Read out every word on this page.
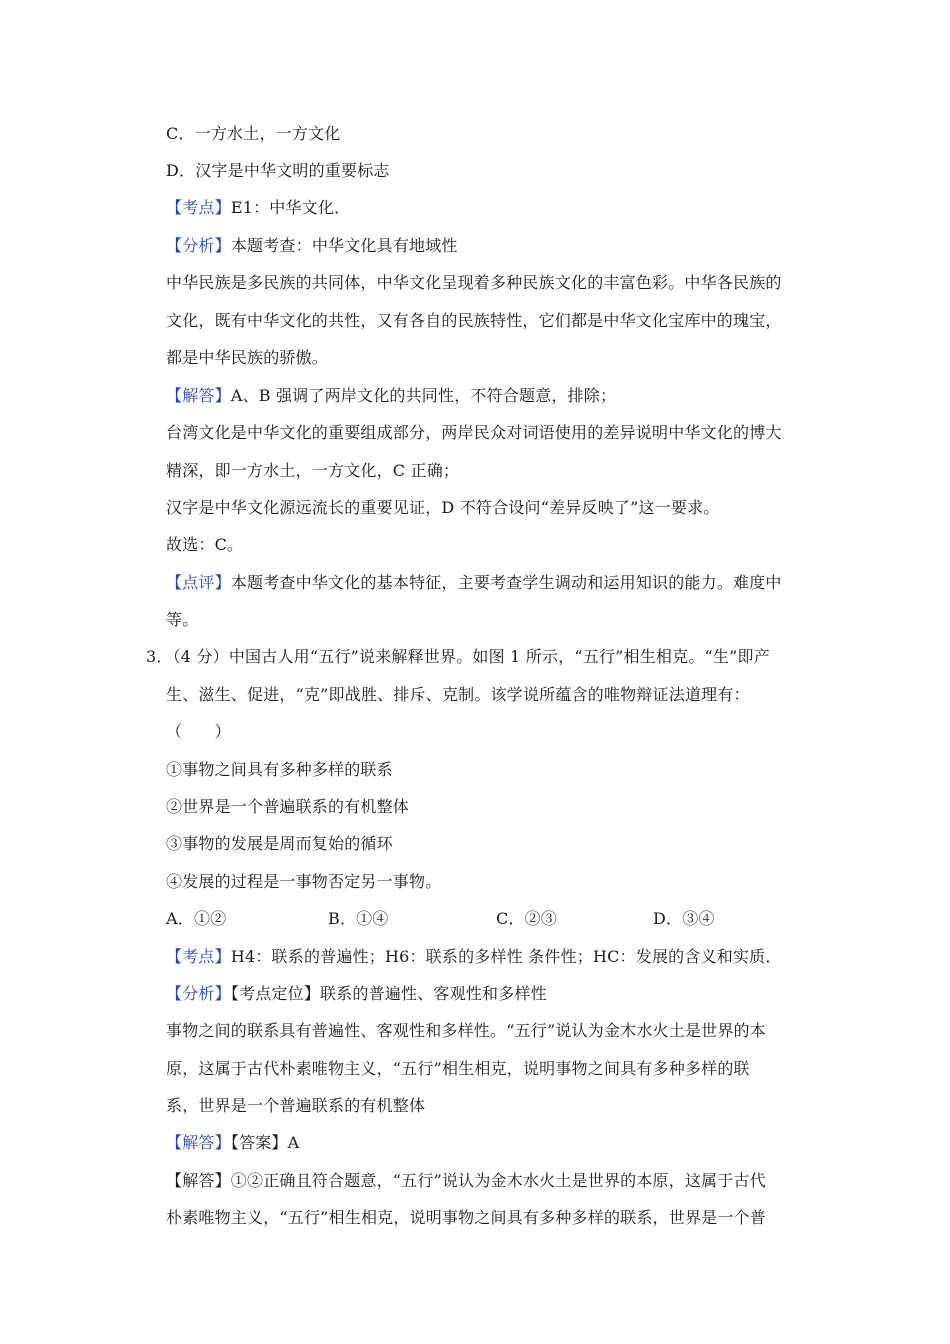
C．一方水土，一方文化
D．汉字是中华文明的重要标志
【考点】E1：中华文化．
【分析】本题考查：中华文化具有地域性
中华民族是多民族的共同体，中华文化呈现着多种民族文化的丰富色彩。中华各民族的
文化，既有中华文化的共性，又有各自的民族特性，它们都是中华文化宝库中的瑰宝，
都是中华民族的骄傲。
【解答】A、B 强调了两岸文化的共同性，不符合题意，排除；
台湾文化是中华文化的重要组成部分，两岸民众对词语使用的差异说明中华文化的博大
精深，即一方水土，一方文化，C 正确；
汉字是中华文化源远流长的重要见证，D 不符合设问“差异反映了”这一要求。
故选：C。
【点评】本题考查中华文化的基本特征，主要考查学生调动和运用知识的能力。难度中
等。
3．（4 分）中国古人用“五行”说来解释世界。如图 1 所示，“五行”相生相克。“生”即产
生、滋生、促进，“克”即战胜、排斥、克制。该学说所蕴含的唯物辩证法道理有：
（　　）
①事物之间具有多种多样的联系
②世界是一个普遍联系的有机整体
③事物的发展是周而复始的循环
④发展的过程是一事物否定另一事物。
A．①②	B．①④	C．②③	D．③④
【考点】H4：联系的普遍性；H6：联系的多样性 条件性；HC：发展的含义和实质．
【分析】【考点定位】联系的普遍性、客观性和多样性
事物之间的联系具有普遍性、客观性和多样性。“五行”说认为金木水火土是世界的本
原，这属于古代朴素唯物主义，“五行”相生相克，说明事物之间具有多种多样的联
系，世界是一个普遍联系的有机整体
【解答】【答案】A
【解答】①②正确且符合题意，“五行”说认为金木水火土是世界的本原，这属于古代
朴素唯物主义，“五行”相生相克，说明事物之间具有多种多样的联系，世界是一个普
